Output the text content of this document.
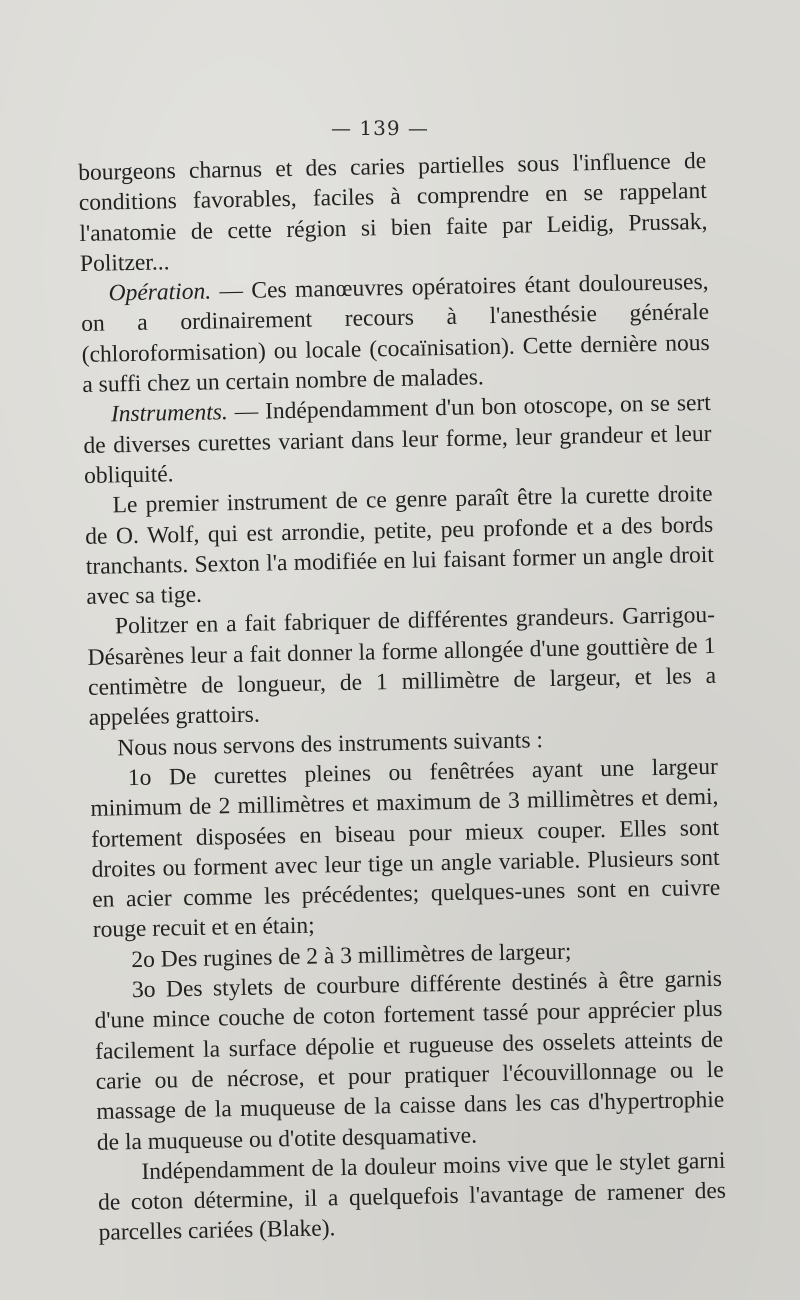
— 139 —

bourgeons charnus et des caries partielles sous l'influence de conditions favorables, faciles à comprendre en se rappelant l'anatomie de cette région si bien faite par Leidig, Prussak, Politzer...

Opération. — Ces manœuvres opératoires étant douloureuses, on a ordinairement recours à l'anesthésie générale (chloroformisation) ou locale (cocaïnisation). Cette dernière nous a suffi chez un certain nombre de malades.

Instruments. — Indépendamment d'un bon otoscope, on se sert de diverses curettes variant dans leur forme, leur grandeur et leur obliquité.

Le premier instrument de ce genre paraît être la curette droite de O. Wolf, qui est arrondie, petite, peu profonde et a des bords tranchants. Sexton l'a modifiée en lui faisant former un angle droit avec sa tige.

Politzer en a fait fabriquer de différentes grandeurs. Garrigou-Désarènes leur a fait donner la forme allongée d'une gouttière de 1 centimètre de longueur, de 1 millimètre de largeur, et les a appelées grattoirs.

Nous nous servons des instruments suivants :

1o De curettes pleines ou fenêtrées ayant une largeur minimum de 2 millimètres et maximum de 3 millimètres et demi, fortement disposées en biseau pour mieux couper. Elles sont droites ou forment avec leur tige un angle variable. Plusieurs sont en acier comme les précédentes; quelques-unes sont en cuivre rouge recuit et en étain;

2o Des rugines de 2 à 3 millimètres de largeur;

3o Des stylets de courbure différente destinés à être garnis d'une mince couche de coton fortement tassé pour apprécier plus facilement la surface dépolie et rugueuse des osselets atteints de carie ou de nécrose, et pour pratiquer l'écouvillonnage ou le massage de la muqueuse de la caisse dans les cas d'hypertrophie de la muqueuse ou d'otite desquamative.

Indépendamment de la douleur moins vive que le stylet garni de coton détermine, il a quelquefois l'avantage de ramener des parcelles cariées (Blake).
